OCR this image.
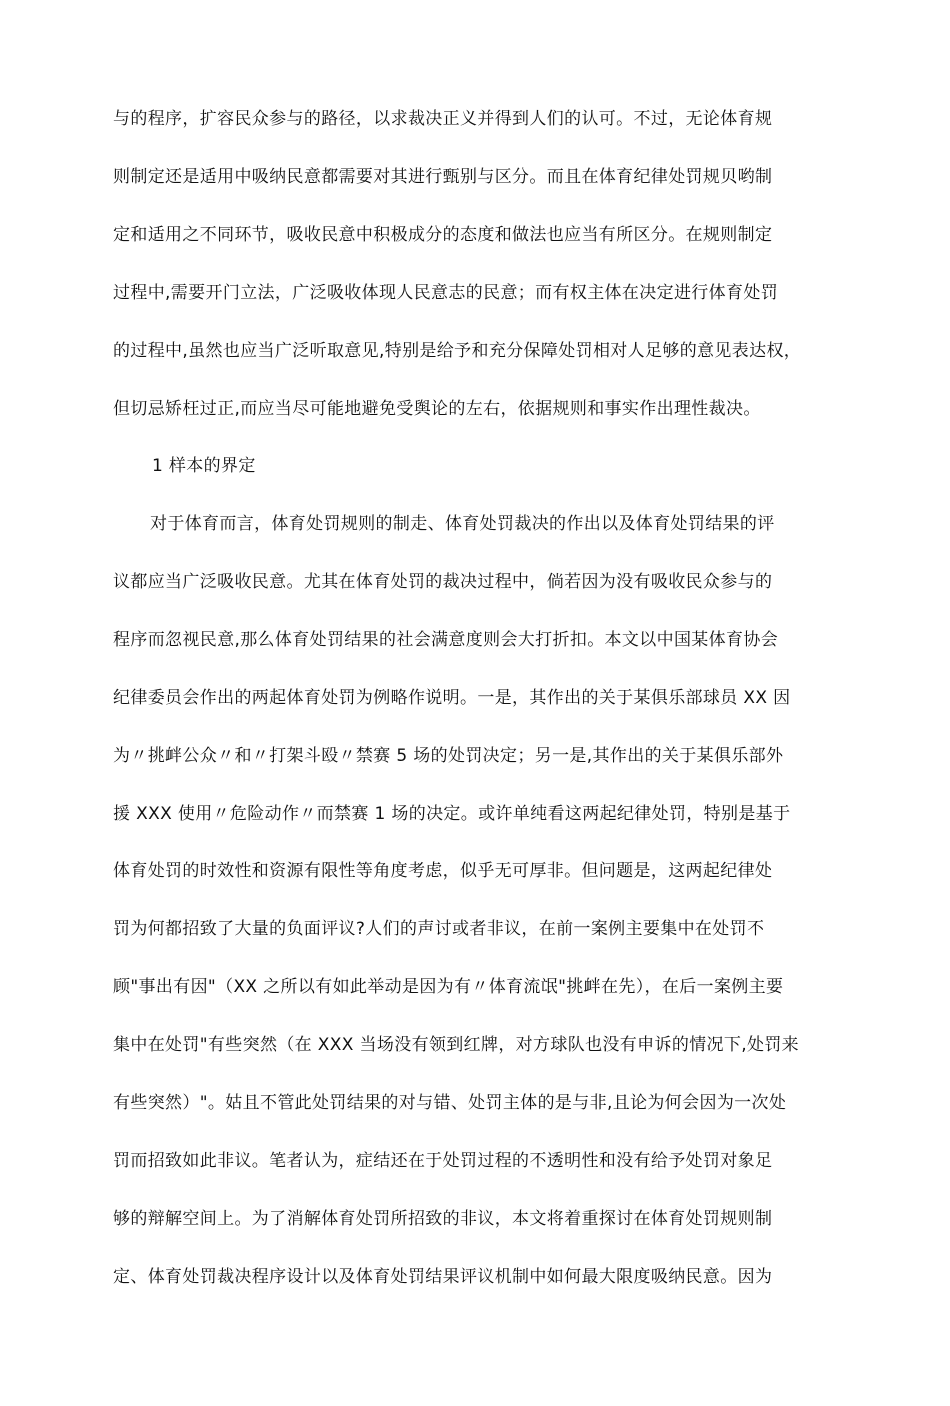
与的程序，扩容民众参与的路径，以求裁决正义并得到人们的认可。不过，无论体育规
则制定还是适用中吸纳民意都需要对其进行甄别与区分。而且在体育纪律处罚规贝哟制
定和适用之不同环节，吸收民意中积极成分的态度和做法也应当有所区分。在规则制定
过程中,需要开门立法，广泛吸收体现人民意志的民意；而有权主体在决定进行体育处罚
的过程中,虽然也应当广泛听取意见,特别是给予和充分保障处罚相对人足够的意见表达权，
但切忌矫枉过正,而应当尽可能地避免受舆论的左右，依据规则和事实作出理性裁决。
1 样本的界定
对于体育而言，体育处罚规则的制走、体育处罚裁决的作出以及体育处罚结果的评
议都应当广泛吸收民意。尤其在体育处罚的裁决过程中，倘若因为没有吸收民众参与的
程序而忽视民意,那么体育处罚结果的社会满意度则会大打折扣。本文以中国某体育协会
纪律委员会作出的两起体育处罚为例略作说明。一是，其作出的关于某俱乐部球员 XX 因
为〃挑衅公众〃和〃打架斗殴〃禁赛 5 场的处罚决定；另一是,其作出的关于某俱乐部外
援 XXX 使用〃危险动作〃而禁赛 1 场的决定。或许单纯看这两起纪律处罚，特别是基于
体育处罚的时效性和资源有限性等角度考虑，似乎无可厚非。但问题是，这两起纪律处
罚为何都招致了大量的负面评议?人们的声讨或者非议，在前一案例主要集中在处罚不
顾"事出有因"（XX 之所以有如此举动是因为有〃体育流氓"挑衅在先），在后一案例主要
集中在处罚"有些突然（在 XXX 当场没有领到红牌，对方球队也没有申诉的情况下,处罚来
有些突然）"。姑且不管此处罚结果的对与错、处罚主体的是与非,且论为何会因为一次处
罚而招致如此非议。笔者认为，症结还在于处罚过程的不透明性和没有给予处罚对象足
够的辩解空间上。为了消解体育处罚所招致的非议，本文将着重探讨在体育处罚规则制
定、体育处罚裁决程序设计以及体育处罚结果评议机制中如何最大限度吸纳民意。因为
